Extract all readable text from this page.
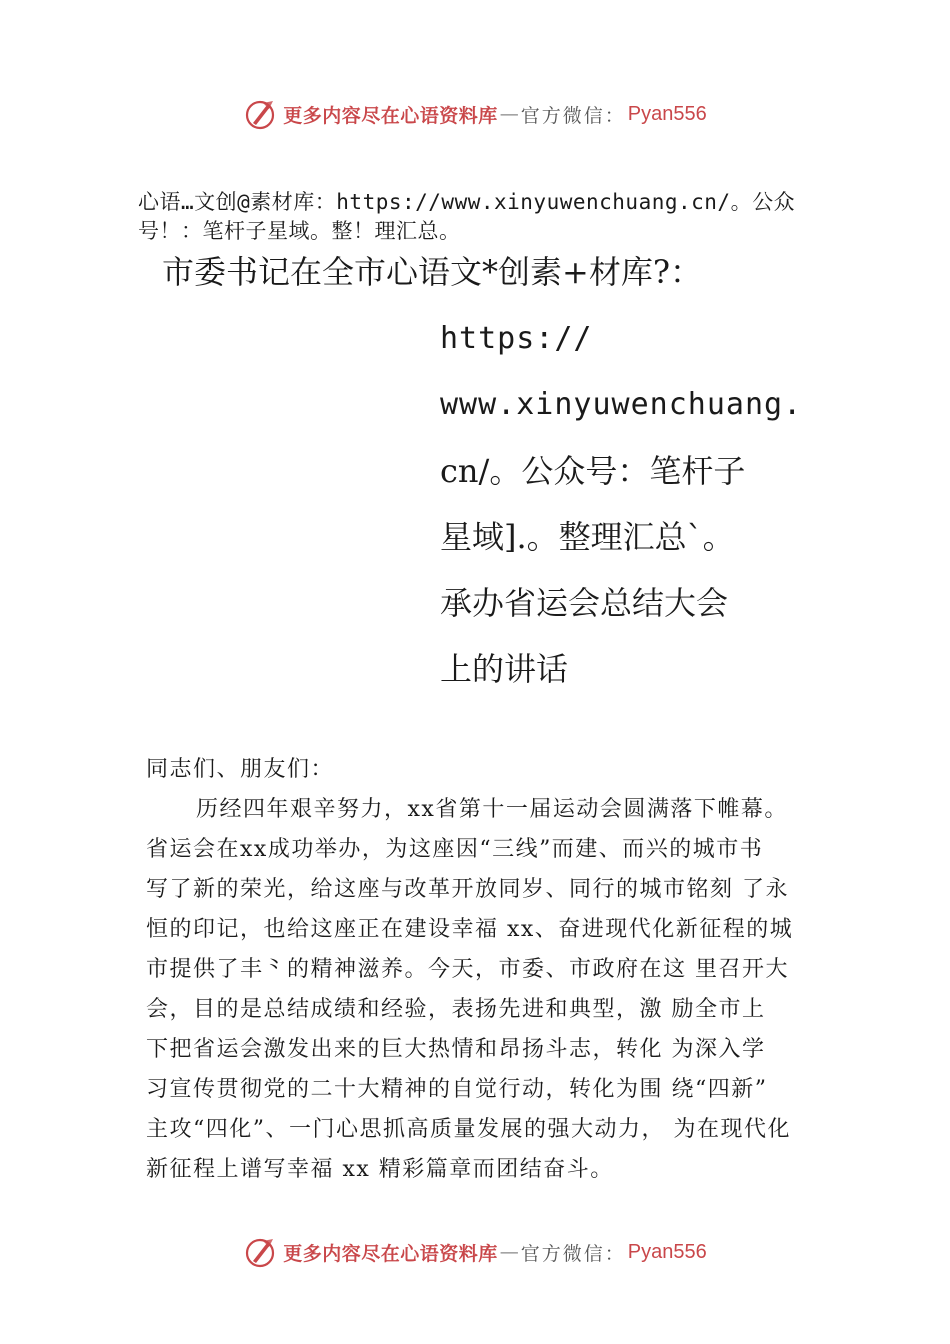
更多内容尽在心语资料库 — 官方微信： Pyan556
心语…文创@素材库：https://www.xinyuwenchuang.cn/。公众号！：笔杆子星域。整！理汇总。
市委书记在全市心语文*创素+材库?：
https://
www.xinyuwenchuang.
cn/。公众号：笔杆子
星域].。整理汇总`。
承办省运会总结大会
上的讲话
同志们、朋友们：
历经四年艰辛努力，xx省第十一届运动会圆满落下帷幕。
省运会在xx成功举办，为这座因“三线”而建、而兴的城市书
写了新的荣光，给这座与改革开放同岁、同行的城市铭刻 了永
恒的印记，也给这座正在建设幸福 xx、奋进现代化新征程的城
市提供了丰⺀的精神滋养。今天，市委、市政府在这 里召开大
会，目的是总结成绩和经验，表扬先进和典型，激 励全市上
下把省运会激发出来的巨大热情和昂扬斗志，转化 为深入学
习宣传贯彻党的二十大精神的自觉行动，转化为围 绕“四新”
主攻“四化”、一门心思抓高质量发展的强大动力， 为在现代化
新征程上谱写幸福 xx 精彩篇章而团结奋斗。
更多内容尽在心语资料库 — 官方微信： Pyan556
